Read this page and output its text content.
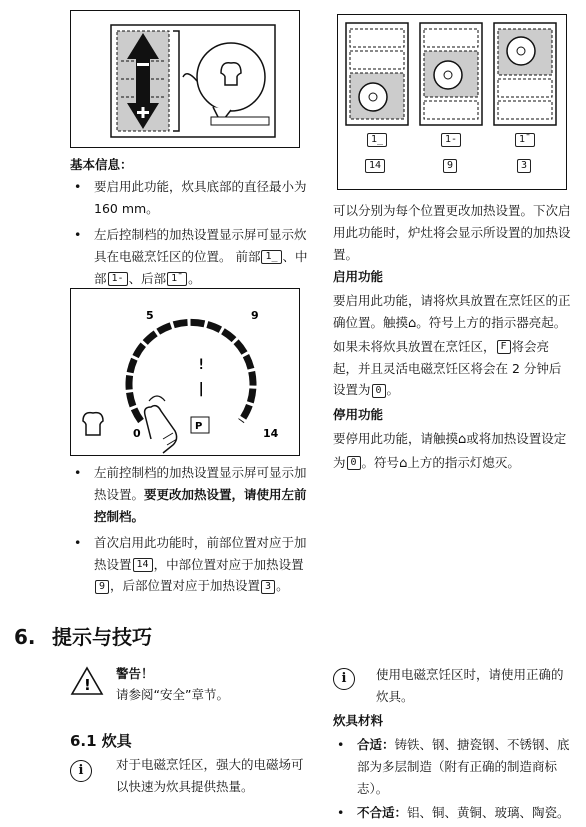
基本信息：
• 要启用此功能，炊具底部的直径最小为 160 mm。
• 左后控制档的加热设置显示屏可显示炊具在电磁烹饪区的位置。 前部 1_ 、中部 1- 、后部 1¯ 。
5	9
0	14
!
|
P
• 左前控制档的加热设置显示屏可显示加热设置。要更改加热设置，请使用左前控制档。
• 首次启用此功能时，前部位置对应于加热设置 14 ，中部位置对应于加热设置9 ，后部位置对应于加热设置 3 。
1_	1-	1¯
14	9	3
可以分别为每个位置更改加热设置。下次启用此功能时，炉灶将会显示所设置的加热设置。
启用功能
要启用此功能，请将炊具放置在烹饪区的正确位置。触摸⌂。符号上方的指示器亮起。如果未将炊具放置在烹饪区， F 将会亮起，并且灵活电磁烹饪区将会在 2 分钟后设置为 0 。
停用功能
要停用此功能，请触摸⌂或将加热设置设定为 0 。符号⌂上方的指示灯熄灭。
6. 提示与技巧
!
警告！
请参阅“安全”章节。
i	使用电磁烹饪区时，请使用正确的炊具。
6.1 炊具
i	对于电磁烹饪区，强大的电磁场可以快速为炊具提供热量。
炊具材料
• 合适：铸铁、钢、搪瓷钢、不锈钢、底部为多层制造（附有正确的制造商标志）。
• 不合适：铝、铜、黄铜、玻璃、陶瓷。
